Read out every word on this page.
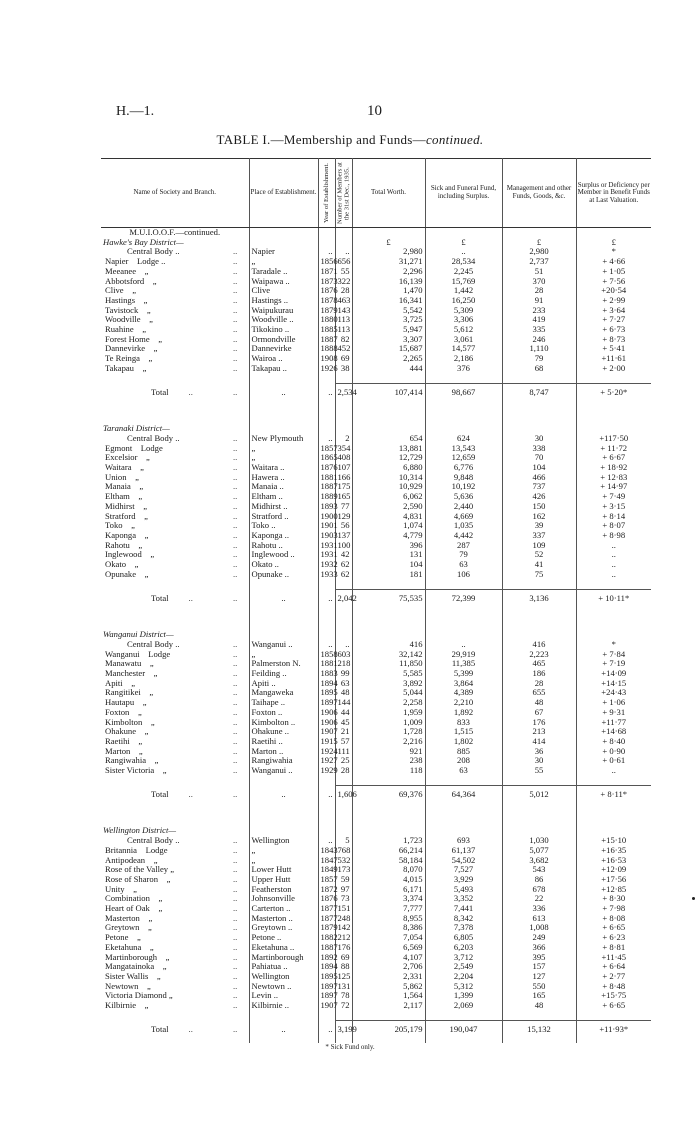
H.—1.	10
TABLE I.—Membership and Funds—continued.
Name of Society and Branch.	Place of Establishment.	Year of Establishment.	Number of Members at the 31st Dec., 1935.	Total Worth.	Sick and Funeral Fund, including Surplus.	Management and other Funds, Goods, &c.	Surplus or Deficiency per Member in Benefit Funds at Last Valuation.
M.U.I.O.O.F.—continued.							
Hawke's Bay District—				£	£	£	£
Central Body .. ..	Napier	..	..	2,980	..	2,980	*
Napier    Lodge .. ..	„	1856	656	31,271	28,534	2,737	+ 4·66
Meeanee    „ ..	Taradale ..	1871	55	2,296	2,245	51	+ 1·05
Abbotsford    „ ..	Waipawa ..	1873	322	16,139	15,769	370	+ 7·56
Clive    „ ..	Clive	1876	28	1,470	1,442	28	+20·54
Hastings    „ ..	Hastings ..	1878	463	16,341	16,250	91	+ 2·99
Tavistock    „ ..	Waipukurau	1879	143	5,542	5,309	233	+ 3·64
Woodville    „ ..	Woodville ..	1880	113	3,725	3,306	419	+ 7·27
Ruahine    „ ..	Tikokino ..	1885	113	5,947	5,612	335	+ 6·73
Forest Home    „ ..	Ormondville	1887	82	3,307	3,061	246	+ 8·73
Dannevirke    „ ..	Dannevirke	1888	452	15,687	14,577	1,110	+ 5·41
Te Reinga    „ ..	Wairoa ..	1908	69	2,265	2,186	79	+11·61
Takapau    „ ..	Takapau ..	1926	38	444	376	68	+ 2·00

Total .. ..	..	..	2,534	107,414	98,667	8,747	+ 5·20*

Taranaki District—							
Central Body .. ..	New Plymouth	..	2	654	624	30	+117·50
Egmont    Lodge ..	„	1857	354	13,881	13,543	338	+ 11·72
Excelsior    „ ..	„	1865	408	12,729	12,659	70	+ 6·67
Waitara    „ ..	Waitara ..	1876	107	6,880	6,776	104	+ 18·92
Union    „ ..	Hawera ..	1881	166	10,314	9,848	466	+ 12·83
Manaia    „ ..	Manaia ..	1887	175	10,929	10,192	737	+ 14·97
Eltham    „ ..	Eltham ..	1889	165	6,062	5,636	426	+ 7·49
Midhirst    „ ..	Midhirst ..	1893	77	2,590	2,440	150	+ 3·15
Stratford    „ ..	Stratford ..	1900	129	4,831	4,669	162	+ 8·14
Toko    „ ..	Toko ..	1901	56	1,074	1,035	39	+ 8·07
Kaponga    „ ..	Kaponga ..	1903	137	4,779	4,442	337	+ 8·98
Rahotu    „ ..	Rahotu ..	1931	100	396	287	109	..
Inglewood    „ ..	Inglewood ..	1931	42	131	79	52	..
Okato    „ ..	Okato ..	1932	62	104	63	41	..
Opunake    „ ..	Opunake ..	1933	62	181	106	75	..

Total .. ..	..	..	2,042	75,535	72,399	3,136	+ 10·11*

Wanganui District—							
Central Body .. ..	Wanganui ..	..	..	416	..	416	*
Wanganui    Lodge ..	„	1858	603	32,142	29,919	2,223	+ 7·84
Manawatu    „ ..	Palmerston N.	1881	218	11,850	11,385	465	+ 7·19
Manchester    „ ..	Feilding ..	1883	99	5,585	5,399	186	+14·09
Apiti    „ ..	Apiti ..	1894	63	3,892	3,864	28	+14·15
Rangitikei    „ ..	Mangaweka	1895	48	5,044	4,389	655	+24·43
Hautapu    „ ..	Taihape ..	1897	144	2,258	2,210	48	+ 1·06
Foxton    „ ..	Foxton ..	1906	44	1,959	1,892	67	+ 9·31
Kimbolton    „ ..	Kimbolton ..	1906	45	1,009	833	176	+11·77
Ohakune    „ ..	Ohakune ..	1907	21	1,728	1,515	213	+14·68
Raetihi    „ ..	Raetihi ..	1915	57	2,216	1,802	414	+ 8·40
Marton    „ ..	Marton ..	1924	111	921	885	36	+ 0·90
Rangiwahia    „ ..	Rangiwahia	1927	25	238	208	30	+ 0·61
Sister Victoria    „ ..	Wanganui ..	1929	28	118	63	55	..

Total .. ..	..	..	1,606	69,376	64,364	5,012	+ 8·11*

Wellington District—							
Central Body .. ..	Wellington	..	5	1,723	693	1,030	+15·10
Britannia    Lodge ..	„	1843	768	66,214	61,137	5,077	+16·35
Antipodean    „ ..	„	1847	532	58,184	54,502	3,682	+16·53
Rose of the Valley „ ..	Lower Hutt	1849	173	8,070	7,527	543	+12·09
Rose of Sharon    „ ..	Upper Hutt	1857	59	4,015	3,929	86	+17·56
Unity    „ ..	Featherston	1872	97	6,171	5,493	678	+12·85
Combination    „ ..	Johnsonville	1876	73	3,374	3,352	22	+ 8·30
Heart of Oak    „ ..	Carterton ..	1877	151	7,777	7,441	336	+ 7·98
Masterton    „ ..	Masterton ..	1877	248	8,955	8,342	613	+ 8·08
Greytown    „ ..	Greytown ..	1879	142	8,386	7,378	1,008	+ 6·65
Petone    „ ..	Petone ..	1882	212	7,054	6,805	249	+ 6·23
Eketahuna    „ ..	Eketahuna ..	1887	176	6,569	6,203	366	+ 8·81
Martinborough    „ ..	Martinborough	1892	69	4,107	3,712	395	+11·45
Mangatainoka    „ ..	Pahiatua ..	1894	88	2,706	2,549	157	+ 6·64
Sister Wallis    „ ..	Wellington	1895	125	2,331	2,204	127	+ 2·77
Newtown    „ ..	Newtown ..	1897	131	5,862	5,312	550	+ 8·48
Victoria Diamond „ ..	Levin ..	1897	78	1,564	1,399	165	+15·75
Kilbirnie    „ ..	Kilbirnie ..	1907	72	2,117	2,069	48	+ 6·65

Total .. ..	..	..	3,199	205,179	190,047	15,132	+11·93*
* Sick Fund only.
